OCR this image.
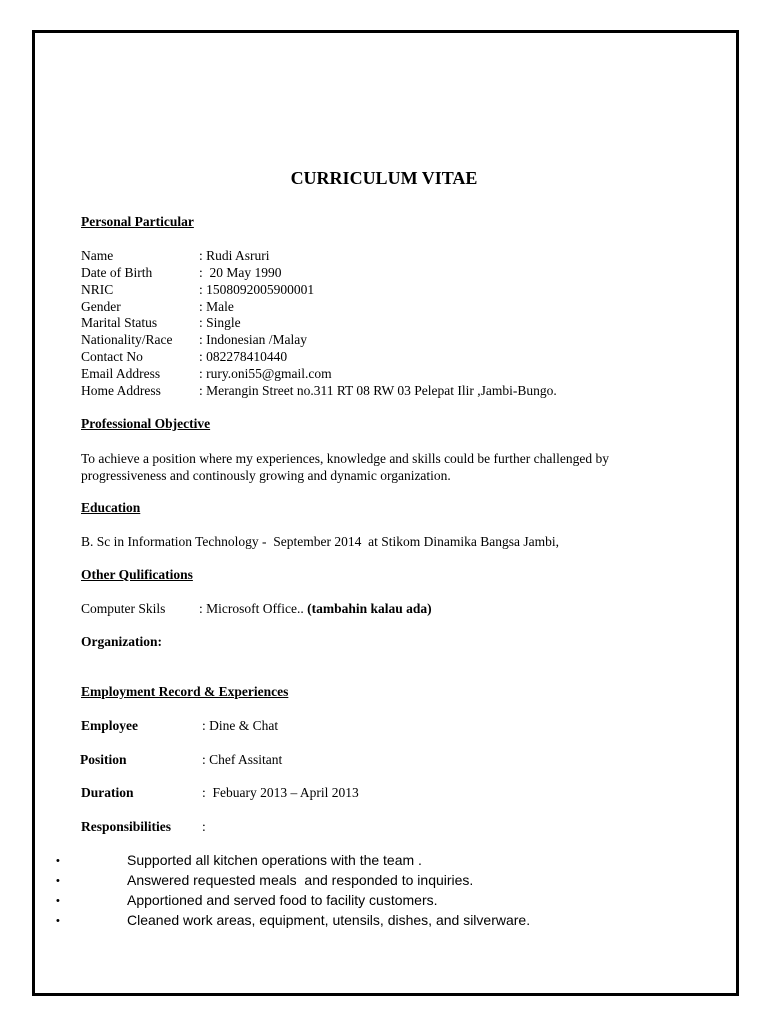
CURRICULUM VITAE
Personal Particular
Name	: Rudi Asruri
Date of Birth	:  20 May 1990
NRIC	: 1508092005900001
Gender	: Male
Marital Status	: Single
Nationality/Race : Indonesian /Malay
Contact No	: 082278410440
Email Address	: rury.oni55@gmail.com
Home Address	: Merangin Street no.311 RT 08 RW 03 Pelepat Ilir ,Jambi-Bungo.
Professional Objective
To achieve a position where my experiences, knowledge and skills could be further challenged by progressiveness and continously growing and dynamic organization.
Education
B. Sc in Information Technology -  September 2014  at Stikom Dinamika Bangsa Jambi,
Other Qulifications
Computer Skils : Microsoft Office.. (tambahin kalau ada)
Organization:
Employment Record & Experiences
Employee	: Dine & Chat
Position	: Chef Assitant
Duration	:  Febuary 2013 – April 2013
Responsibilities :
•	Supported all kitchen operations with the team .
•	Answered requested meals  and responded to inquiries.
•	Apportioned and served food to facility customers.
•	Cleaned work areas, equipment, utensils, dishes, and silverware.
